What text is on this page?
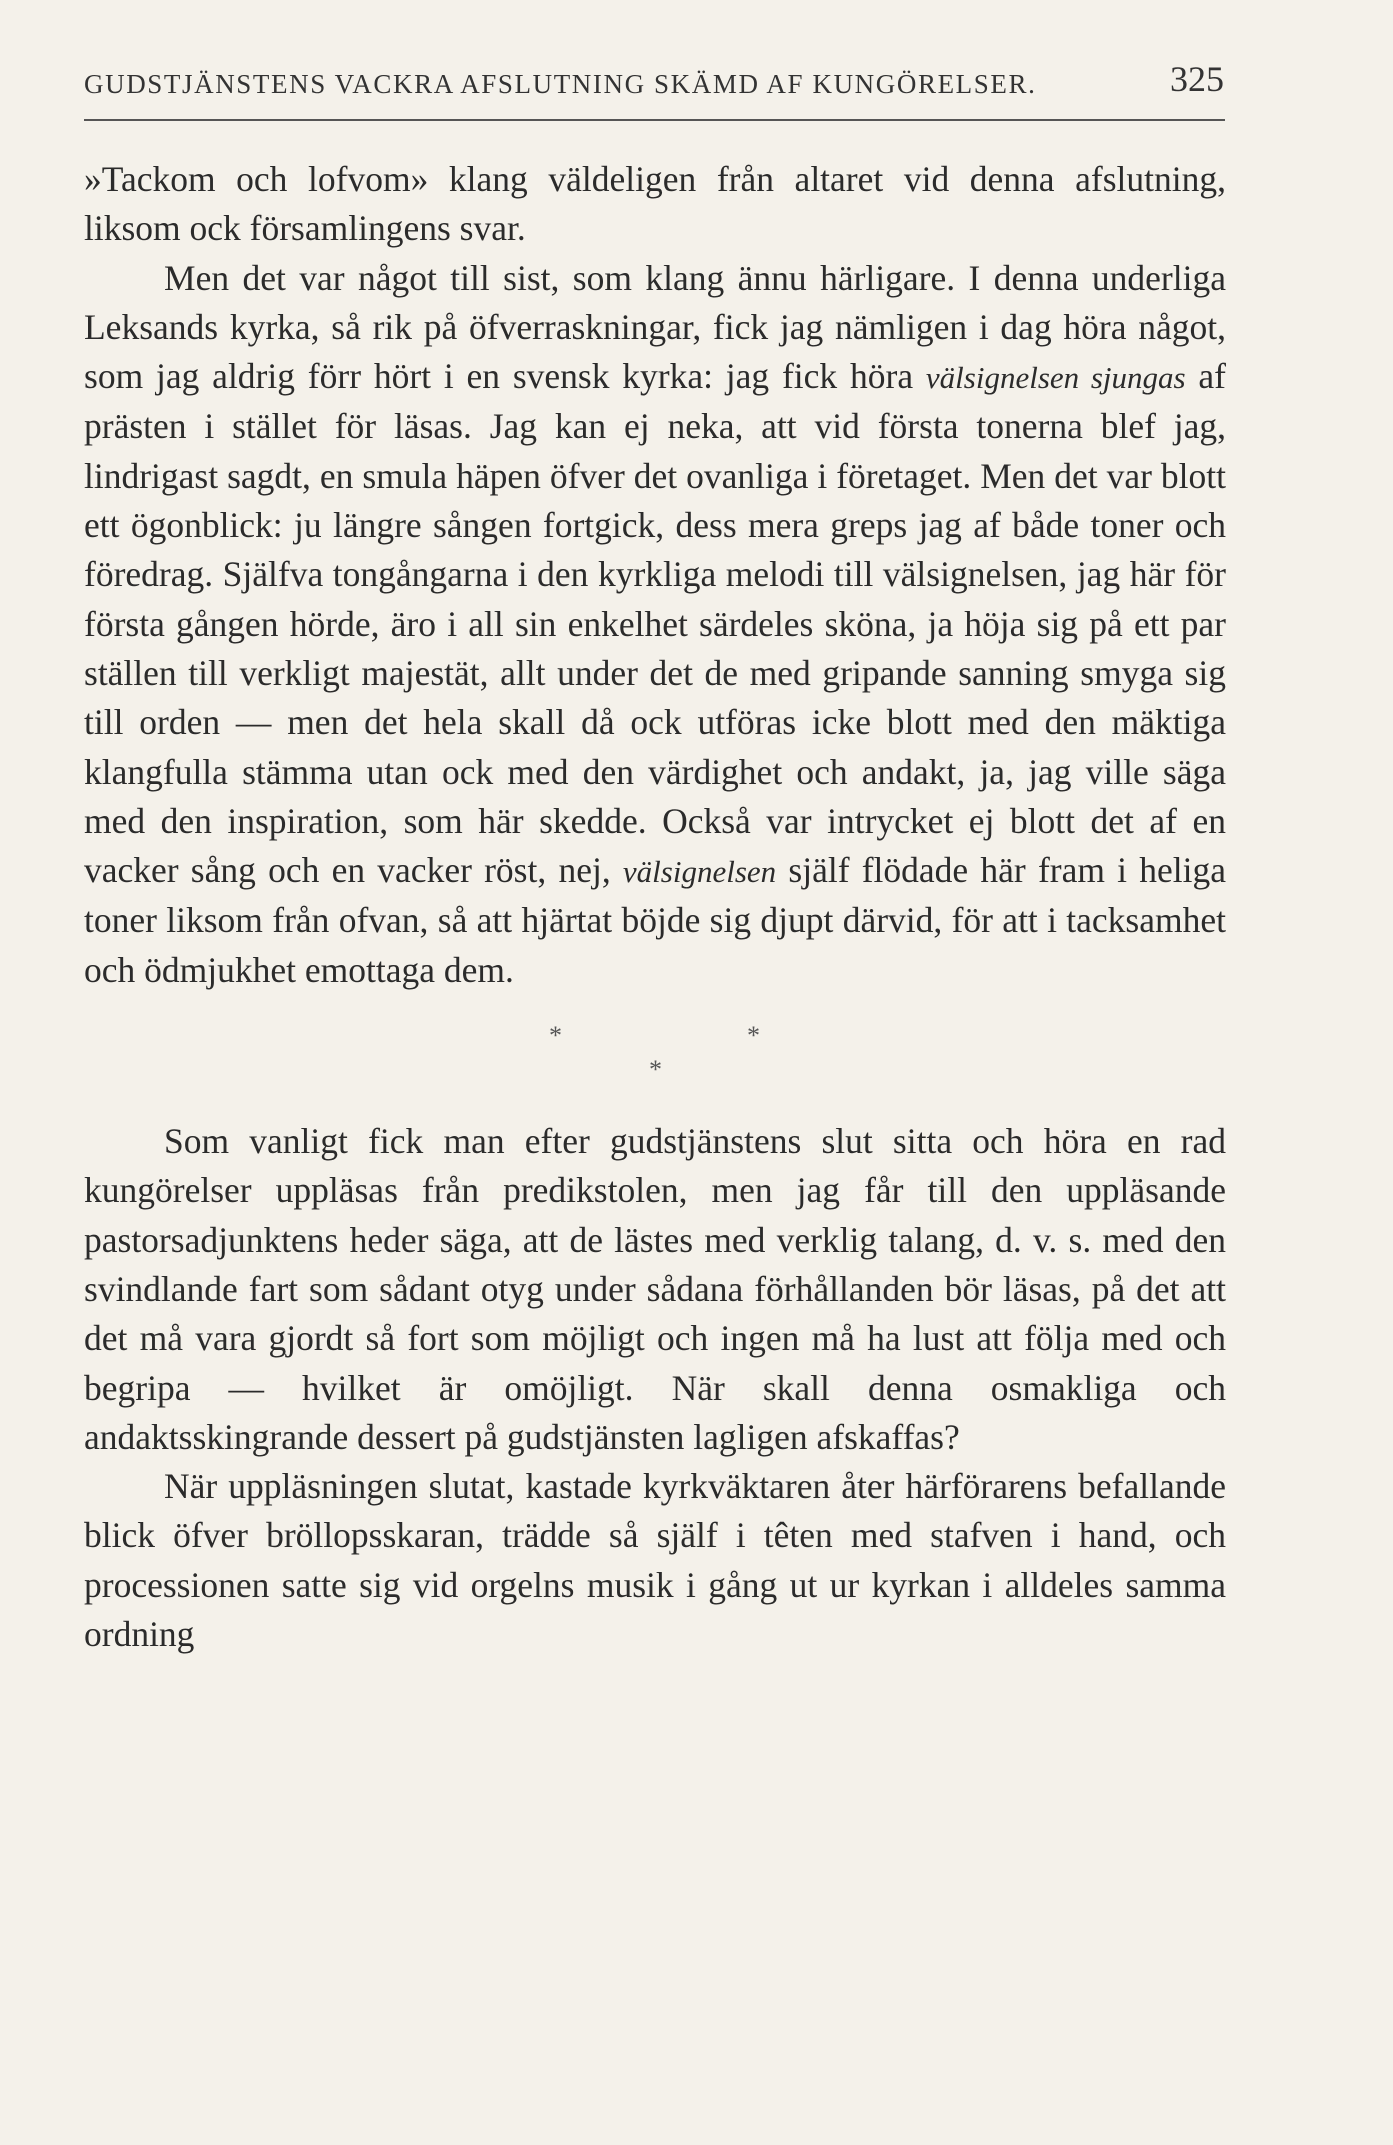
GUDSTJÄNSTENS VACKRA AFSLUTNING SKÄMD AF KUNGÖRELSER.	325

»Tackom och lofvom» klang väldeligen från altaret vid denna afslutning, liksom ock församlingens svar.

Men det var något till sist, som klang ännu härligare. I denna underliga Leksands kyrka, så rik på öfverraskningar, fick jag nämligen i dag höra något, som jag aldrig förr hört i en svensk kyrka: jag fick höra välsignelsen sjungas af prästen i stället för läsas. Jag kan ej neka, att vid första tonerna blef jag, lindrigast sagdt, en smula häpen öfver det ovanliga i företaget. Men det var blott ett ögonblick: ju längre sången fortgick, dess mera greps jag af både toner och föredrag. Själfva tongångarna i den kyrkliga melodi till välsignelsen, jag här för första gången hörde, äro i all sin enkelhet särdeles sköna, ja höja sig på ett par ställen till verkligt majestät, allt under det de med gripande sanning smyga sig till orden — men det hela skall då ock utföras icke blott med den mäktiga klangfulla stämma utan ock med den värdighet och andakt, ja, jag ville säga med den inspiration, som här skedde. Också var intrycket ej blott det af en vacker sång och en vacker röst, nej, välsignelsen själf flödade här fram i heliga toner liksom från ofvan, så att hjärtat böjde sig djupt därvid, för att i tacksamhet och ödmjukhet emottaga dem.

*	*
*

Som vanligt fick man efter gudstjänstens slut sitta och höra en rad kungörelser uppläsas från predikstolen, men jag får till den uppläsande pastorsadjunktens heder säga, att de lästes med verklig talang, d. v. s. med den svindlande fart som sådant otyg under sådana förhållanden bör läsas, på det att det må vara gjordt så fort som möjligt och ingen må ha lust att följa med och begripa — hvilket är omöjligt. När skall denna osmakliga och andaktsskingrande dessert på gudstjänsten lagligen afskaffas?

När uppläsningen slutat, kastade kyrkväktaren åter härförarens befallande blick öfver bröllopsskaran, trädde så själf i têten med stafven i hand, och processionen satte sig vid orgelns musik i gång ut ur kyrkan i alldeles samma ordning
